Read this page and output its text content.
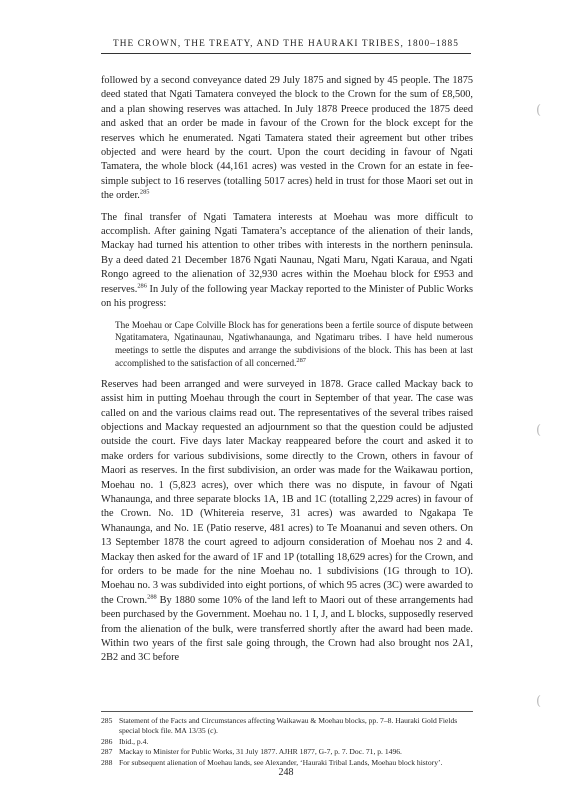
THE CROWN, THE TREATY, AND THE HAURAKI TRIBES, 1800–1885

followed by a second conveyance dated 29 July 1875 and signed by 45 people. The 1875 deed stated that Ngati Tamatera conveyed the block to the Crown for the sum of £8,500, and a plan showing reserves was attached. In July 1878 Preece produced the 1875 deed and asked that an order be made in favour of the Crown for the block except for the reserves which he enumerated. Ngati Tamatera stated their agreement but other tribes objected and were heard by the court. Upon the court deciding in favour of Ngati Tamatera, the whole block (44,161 acres) was vested in the Crown for an estate in fee-simple subject to 16 reserves (totalling 5017 acres) held in trust for those Maori set out in the order.$^{285}$

The final transfer of Ngati Tamatera interests at Moehau was more difficult to accomplish. After gaining Ngati Tamatera’s acceptance of the alienation of their lands, Mackay had turned his attention to other tribes with interests in the northern peninsula. By a deed dated 21 December 1876 Ngati Naunau, Ngati Maru, Ngati Karaua, and Ngati Rongo agreed to the alienation of 32,930 acres within the Moehau block for £953 and reserves.$^{286}$ In July of the following year Mackay reported to the Minister of Public Works on his progress:

The Moehau or Cape Colville Block has for generations been a fertile source of dispute between Ngatitamatera, Ngatinaunau, Ngatiwhanaunga, and Ngatimaru tribes. I have held numerous meetings to settle the disputes and arrange the subdivisions of the block. This has been at last accomplished to the satisfaction of all concerned.$^{287}$

Reserves had been arranged and were surveyed in 1878. Grace called Mackay back to assist him in putting Moehau through the court in September of that year. The case was called on and the various claims read out. The representatives of the several tribes raised objections and Mackay requested an adjournment so that the question could be adjusted outside the court. Five days later Mackay reappeared before the court and asked it to make orders for various subdivisions, some directly to the Crown, others in favour of Maori as reserves. In the first subdivision, an order was made for the Waikawau portion, Moehau no. 1 (5,823 acres), over which there was no dispute, in favour of Ngati Whanaunga, and three separate blocks 1A, 1B and 1C (totalling 2,229 acres) in favour of the Crown. No. 1D (Whitereia reserve, 31 acres) was awarded to Ngakapa Te Whanaunga, and No. 1E (Patio reserve, 481 acres) to Te Moananui and seven others. On 13 September 1878 the court agreed to adjourn consideration of Moehau nos 2 and 4. Mackay then asked for the award of 1F and 1P (totalling 18,629 acres) for the Crown, and for orders to be made for the nine Moehau no. 1 subdivisions (1G through to 1O). Moehau no. 3 was subdivided into eight portions, of which 95 acres (3C) were awarded to the Crown.$^{288}$ By 1880 some 10% of the land left to Maori out of these arrangements had been purchased by the Government. Moehau no. 1 I, J, and L blocks, supposedly reserved from the alienation of the bulk, were transferred shortly after the award had been made. Within two years of the first sale going through, the Crown had also brought nos 2A1, 2B2 and 3C before

285 Statement of the Facts and Circumstances affecting Waikawau & Moehau blocks, pp. 7–8. Hauraki Gold Fields special block file. MA 13/35 (c).

286 Ibid., p.4.

287 Mackay to Minister for Public Works, 31 July 1877. AJHR 1877, G-7, p. 7. Doc. 71, p. 1496.

288 For subsequent alienation of Moehau lands, see Alexander, ‘Hauraki Tribal Lands, Moehau block history’.

248
(
(
(
